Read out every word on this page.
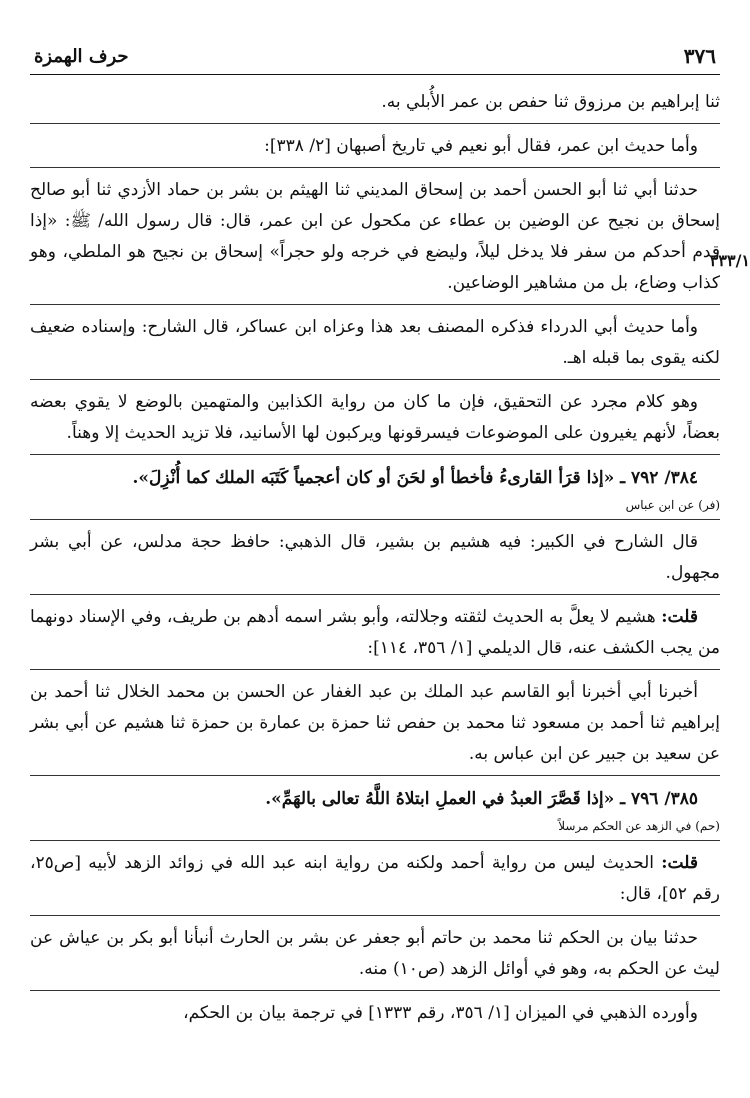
٣٧٦
حرف الهمزة

ثنا إبراهيم بن مرزوق ثنا حفص بن عمر الأُبلي به.

وأما حديث ابن عمر، فقال أبو نعيم في تاريخ أصبهان [٢/ ٣٣٨]:

٣٣٣/١

حدثنا أبي ثنا أبو الحسن أحمد بن إسحاق المديني ثنا الهيثم بن بشر بن حماد الأزدي ثنا أبو صالح إسحاق بن نجيح عن الوضين بن عطاء عن مكحول عن ابن عمر، قال: قال رسول الله/ ﷺ: «إذا قدم أحدكم من سفر فلا يدخل ليلاً، وليضع في خرجه ولو حجراً» إسحاق بن نجيح هو الملطي، وهو كذاب وضاع، بل من مشاهير الوضاعين.

وأما حديث أبي الدرداء فذكره المصنف بعد هذا وعزاه ابن عساكر، قال الشارح: وإسناده ضعيف لكنه يقوى بما قبله اهـ.

وهو كلام مجرد عن التحقيق، فإن ما كان من رواية الكذابين والمتهمين بالوضع لا يقوي بعضه بعضاً، لأنهم يغيرون على الموضوعات فيسرقونها ويركبون لها الأسانيد، فلا تزيد الحديث إلا وهناً.

٣٨٤/ ٧٩٢ ـ «إذا قرَأ القارىءُ فأخطأ أو لحَنَ أو كان أعجمياً كَتَبَه الملك كما أُنْزِلَ».

(فر) عن ابن عباس

قال الشارح في الكبير: فيه هشيم بن بشير، قال الذهبي: حافظ حجة مدلس، عن أبي بشر مجهول.

قلت: هشيم لا يعلَّ به الحديث لثقته وجلالته، وأبو بشر اسمه أدهم بن طريف، وفي الإسناد دونهما من يجب الكشف عنه، قال الديلمي [١/ ٣٥٦، ١١٤]:

أخبرنا أبي أخبرنا أبو القاسم عبد الملك بن عبد الغفار عن الحسن بن محمد الخلال ثنا أحمد بن إبراهيم ثنا أحمد بن مسعود ثنا محمد بن حفص ثنا حمزة بن عمارة بن حمزة ثنا هشيم عن أبي بشر عن سعيد بن جبير عن ابن عباس به.

٣٨٥/ ٧٩٦ ـ «إذا قَصَّرَ العبدُ في العملِ ابتلاهُ اللَّهُ تعالى بالهَمِّ».

(حم) في الزهد عن الحكم مرسلاً

قلت: الحديث ليس من رواية أحمد ولكنه من رواية ابنه عبد الله في زوائد الزهد لأبيه [ص٢٥، رقم ٥٢]، قال:

حدثنا بيان بن الحكم ثنا محمد بن حاتم أبو جعفر عن بشر بن الحارث أنبأنا أبو بكر بن عياش عن ليث عن الحكم به، وهو في أوائل الزهد (ص١٠) منه.

وأورده الذهبي في الميزان [١/ ٣٥٦، رقم ١٣٣٣] في ترجمة بيان بن الحكم،
